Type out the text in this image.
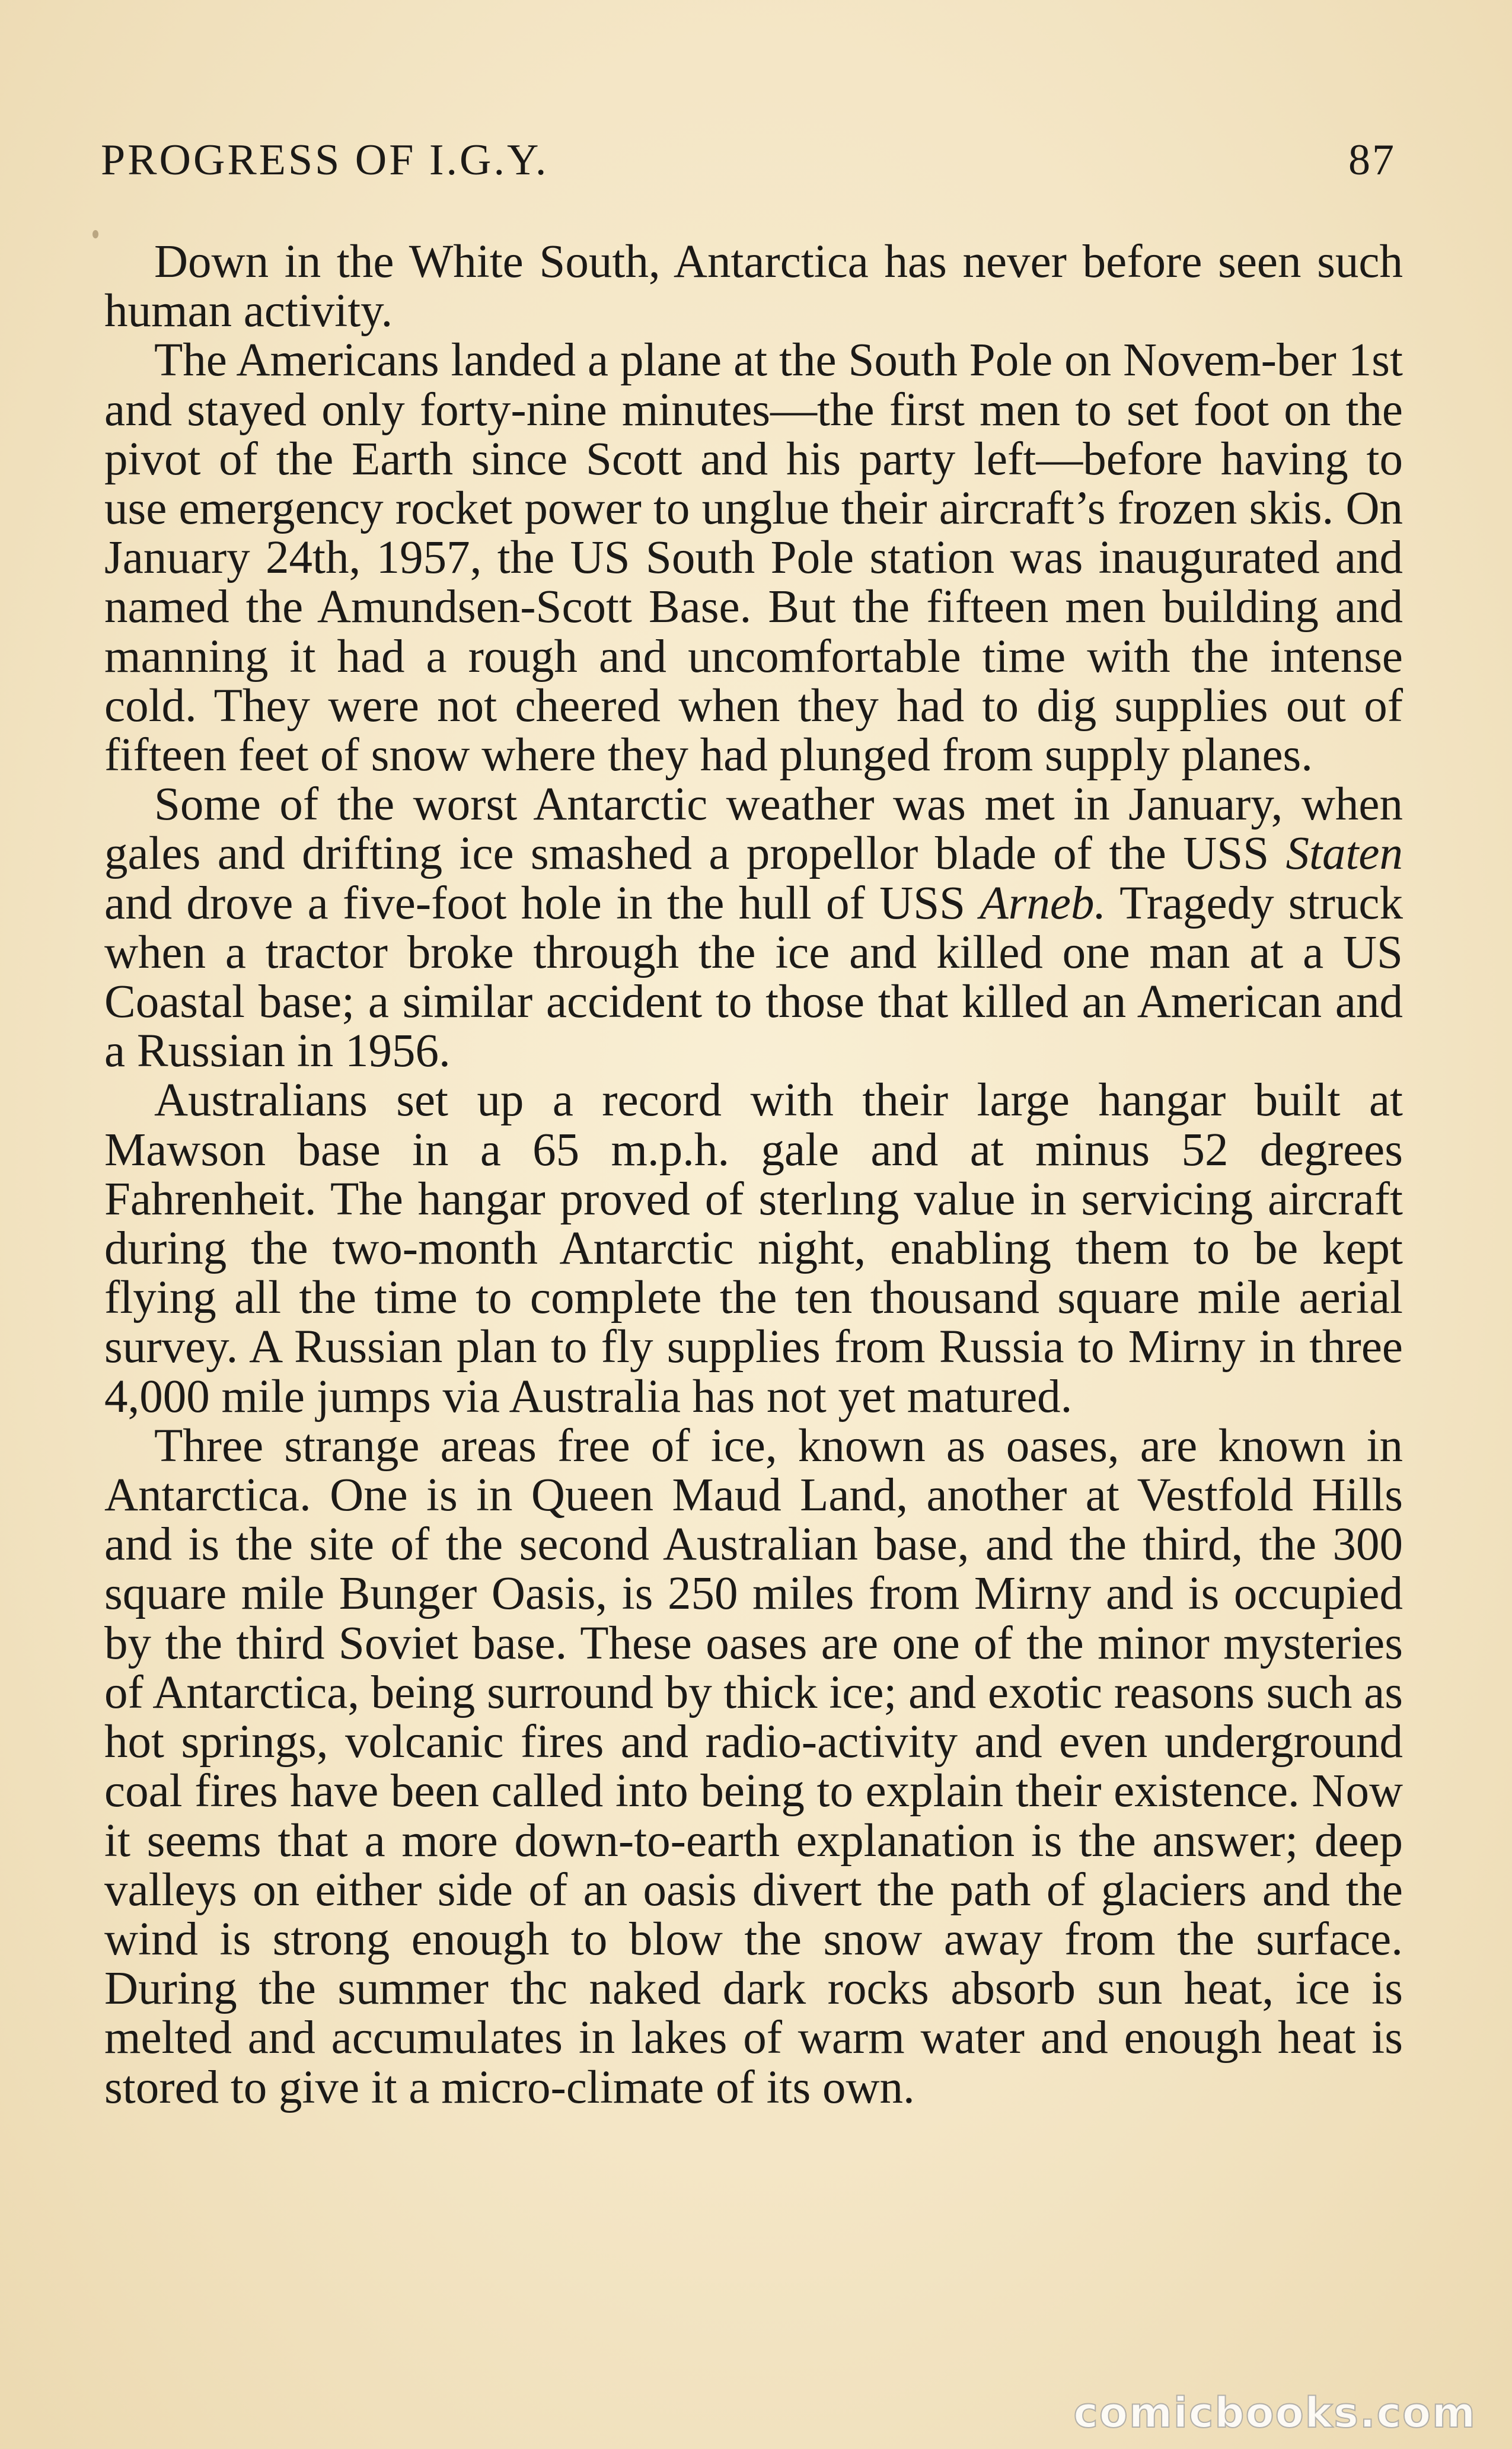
PROGRESS OF I.G.Y.	87

Down in the White South, Antarctica has never before seen such human activity.

The Americans landed a plane at the South Pole on Novem-ber 1st and stayed only forty-nine minutes—the first men to set foot on the pivot of the Earth since Scott and his party left—before having to use emergency rocket power to unglue their aircraft’s frozen skis. On January 24th, 1957, the US South Pole station was inaugurated and named the Amundsen-Scott Base. But the fifteen men building and manning it had a rough and uncomfortable time with the intense cold. They were not cheered when they had to dig supplies out of fifteen feet of snow where they had plunged from supply planes.

Some of the worst Antarctic weather was met in January, when gales and drifting ice smashed a propellor blade of the USS Staten and drove a five-foot hole in the hull of USS Arneb. Tragedy struck when a tractor broke through the ice and killed one man at a US Coastal base; a similar accident to those that killed an American and a Russian in 1956.

Australians set up a record with their large hangar built at Mawson base in a 65 m.p.h. gale and at minus 52 degrees Fahrenheit. The hangar proved of sterlıng value in servicing aircraft during the two-month Antarctic night, enabling them to be kept flying all the time to complete the ten thousand square mile aerial survey. A Russian plan to fly supplies from Russia to Mirny in three 4,000 mile jumps via Australia has not yet matured.

Three strange areas free of ice, known as oases, are known in Antarctica. One is in Queen Maud Land, another at Vestfold Hills and is the site of the second Australian base, and the third, the 300 square mile Bunger Oasis, is 250 miles from Mirny and is occupied by the third Soviet base. These oases are one of the minor mysteries of Antarctica, being surround by thick ice; and exotic reasons such as hot springs, volcanic fires and radio-activity and even underground coal fires have been called into being to explain their existence. Now it seems that a more down-to-earth explanation is the answer; deep valleys on either side of an oasis divert the path of glaciers and the wind is strong enough to blow the snow away from the surface. During the summer thc naked dark rocks absorb sun heat, ice is melted and accumulates in lakes of warm water and enough heat is stored to give it a micro-climate of its own.

comicbooks.com
